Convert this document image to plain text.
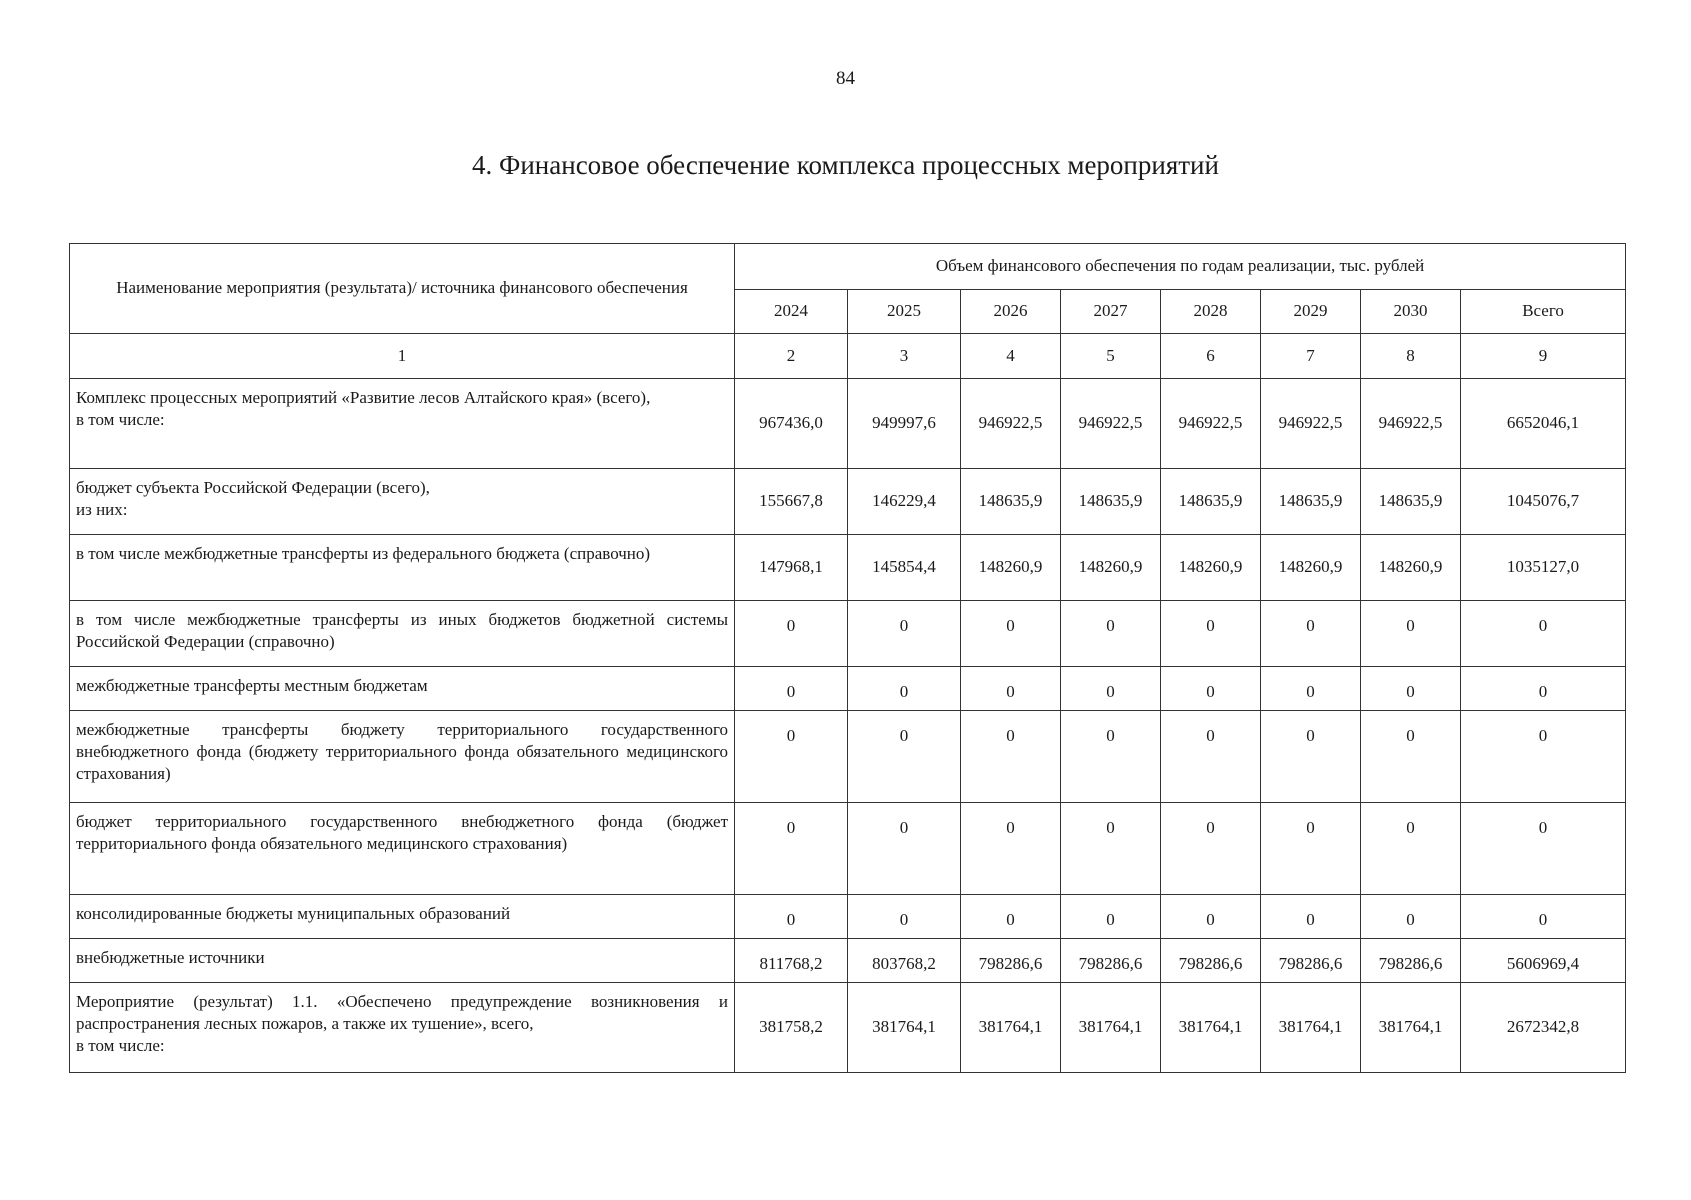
84
4. Финансовое обеспечение комплекса процессных мероприятий
Наименование мероприятия (результата)/ источника финансового обеспечения	Объем финансового обеспечения по годам реализации, тыс. рублей							
	2024	2025	2026	2027	2028	2029	2030	Всего
1	2	3	4	5	6	7	8	9

Комплекс процессных мероприятий «Развитие лесов Алтайского края» (всего),
в том числе:	967436,0	949997,6	946922,5	946922,5	946922,5	946922,5	946922,5	6652046,1

бюджет субъекта Российской Федерации (всего),
из них:	155667,8	146229,4	148635,9	148635,9	148635,9	148635,9	148635,9	1045076,7

в том числе межбюджетные трансферты из федерального бюджета (справочно)	147968,1	145854,4	148260,9	148260,9	148260,9	148260,9	148260,9	1035127,0

в том числе межбюджетные трансферты из иных бюджетов бюджетной системы Российской Федерации (справочно)	0	0	0	0	0	0	0	0

межбюджетные трансферты местным бюджетам	0	0	0	0	0	0	0	0

межбюджетные трансферты бюджету территориального государственного внебюджетного фонда (бюджету территориального фонда обязательного медицинского страхования)	0	0	0	0	0	0	0	0

бюджет территориального государственного внебюджетного фонда (бюджет территориального фонда обязательного медицинского страхования)	0	0	0	0	0	0	0	0

консолидированные бюджеты муниципальных образований	0	0	0	0	0	0	0	0

внебюджетные источники	811768,2	803768,2	798286,6	798286,6	798286,6	798286,6	798286,6	5606969,4

Мероприятие (результат) 1.1. «Обеспечено предупреждение возникновения и распространения лесных пожаров, а также их тушение», всего,
в том числе:	381758,2	381764,1	381764,1	381764,1	381764,1	381764,1	381764,1	2672342,8
